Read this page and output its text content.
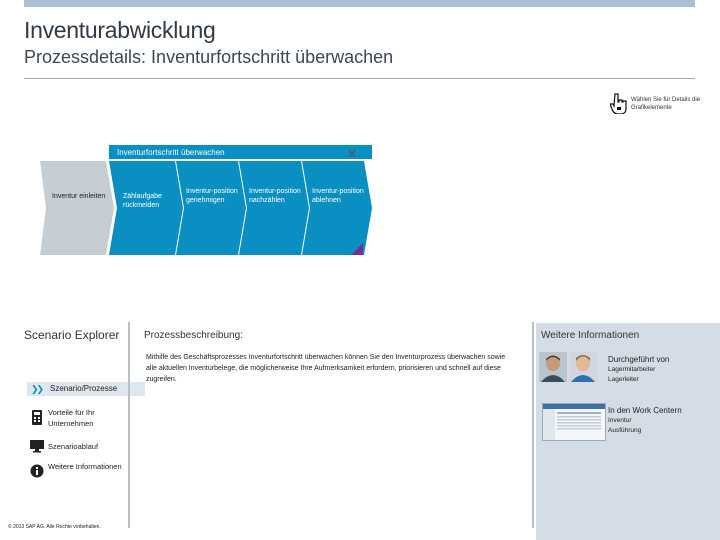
Inventurabwicklung
Prozessdetails: Inventurfortschritt überwachen
Wählen Sie für Details die Grafikelemente
Inventurfortschritt überwachen	✕
Inventur einleiten	Zählaufgabe rückmelden
Inventur-position genehmigen
Inventur-position nachzählen
Inventur-position ablehnen
Scenario Explorer
❯❯ Szenario/Prozesse
Vorteile für Ihr Unternehmen
Szenarioablauf
Weitere Informationen
© 2013 SAP AG. Alle Rechte vorbehalten.
Prozessbeschreibung:
Mithilfe des Geschäftsprozesses Inventurfortschritt überwachen können Sie den Inventurprozess überwachen sowie alle aktuellen Inventurbelege, die möglicherweise Ihre Aufmerksamkeit erfordern, priorisieren und schnell auf diese zugreifen.
Weitere Informationen
Durchgeführt von
Lagermitarbeiter
Lagerleiter
In den Work Centern
Inventur
Ausführung
